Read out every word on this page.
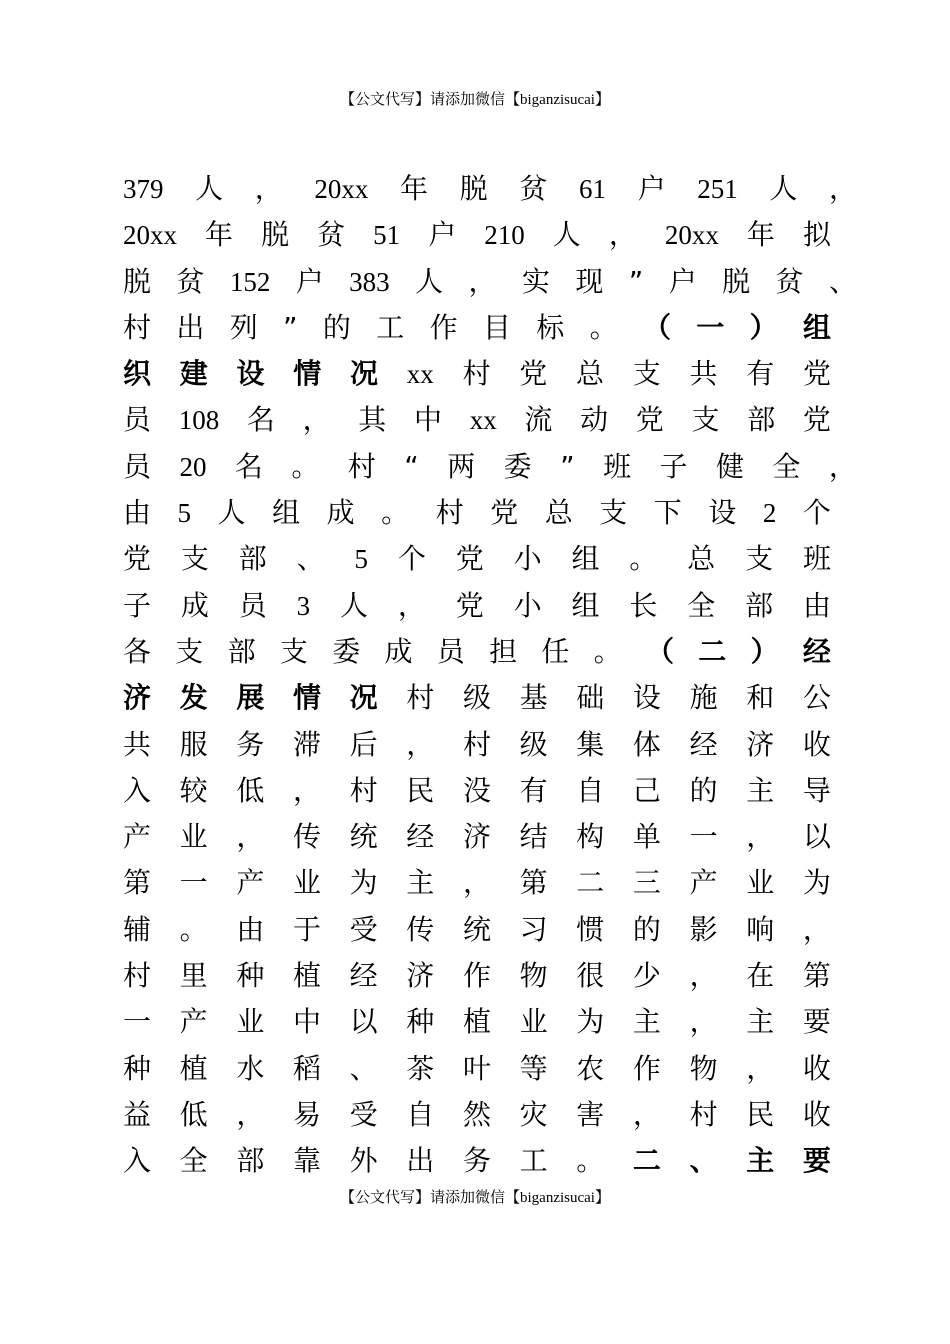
【公文代写】请添加微信【biganzisucai】
379 人 ， 20xx 年 脱 贫 61 户 251 人 ，
20xx 年 脱 贫 51 户 210 人 ， 20xx 年 拟
脱 贫 152 户 383 人 ， 实 现 ” 户 脱 贫 、
村 出 列 ” 的 工 作 目 标 。 （ 一 ） 组
织 建 设 情 况 xx 村 党 总 支 共 有 党
员 108 名 ， 其 中 xx 流 动 党 支 部 党
员 20 名 。 村 “ 两 委 ” 班 子 健 全 ，
由 5 人 组 成 。 村 党 总 支 下 设 2 个
党 支 部 、 5 个 党 小 组 。 总 支 班
子 成 员 3 人 ， 党 小 组 长 全 部 由
各 支 部 支 委 成 员 担 任 。 （ 二 ） 经
济 发 展 情 况 村 级 基 础 设 施 和 公
共 服 务 滞 后 ， 村 级 集 体 经 济 收
入 较 低 ， 村 民 没 有 自 己 的 主 导
产 业 ， 传 统 经 济 结 构 单 一 ， 以
第 一 产 业 为 主 ， 第 二 三 产 业 为
辅 。 由 于 受 传 统 习 惯 的 影 响 ，
村 里 种 植 经 济 作 物 很 少 ， 在 第
一 产 业 中 以 种 植 业 为 主 ， 主 要
种 植 水 稻 、 茶 叶 等 农 作 物 ， 收
益 低 ， 易 受 自 然 灾 害 ， 村 民 收
入 全 部 靠 外 出 务 工 。 二 、 主 要
【公文代写】请添加微信【biganzisucai】
